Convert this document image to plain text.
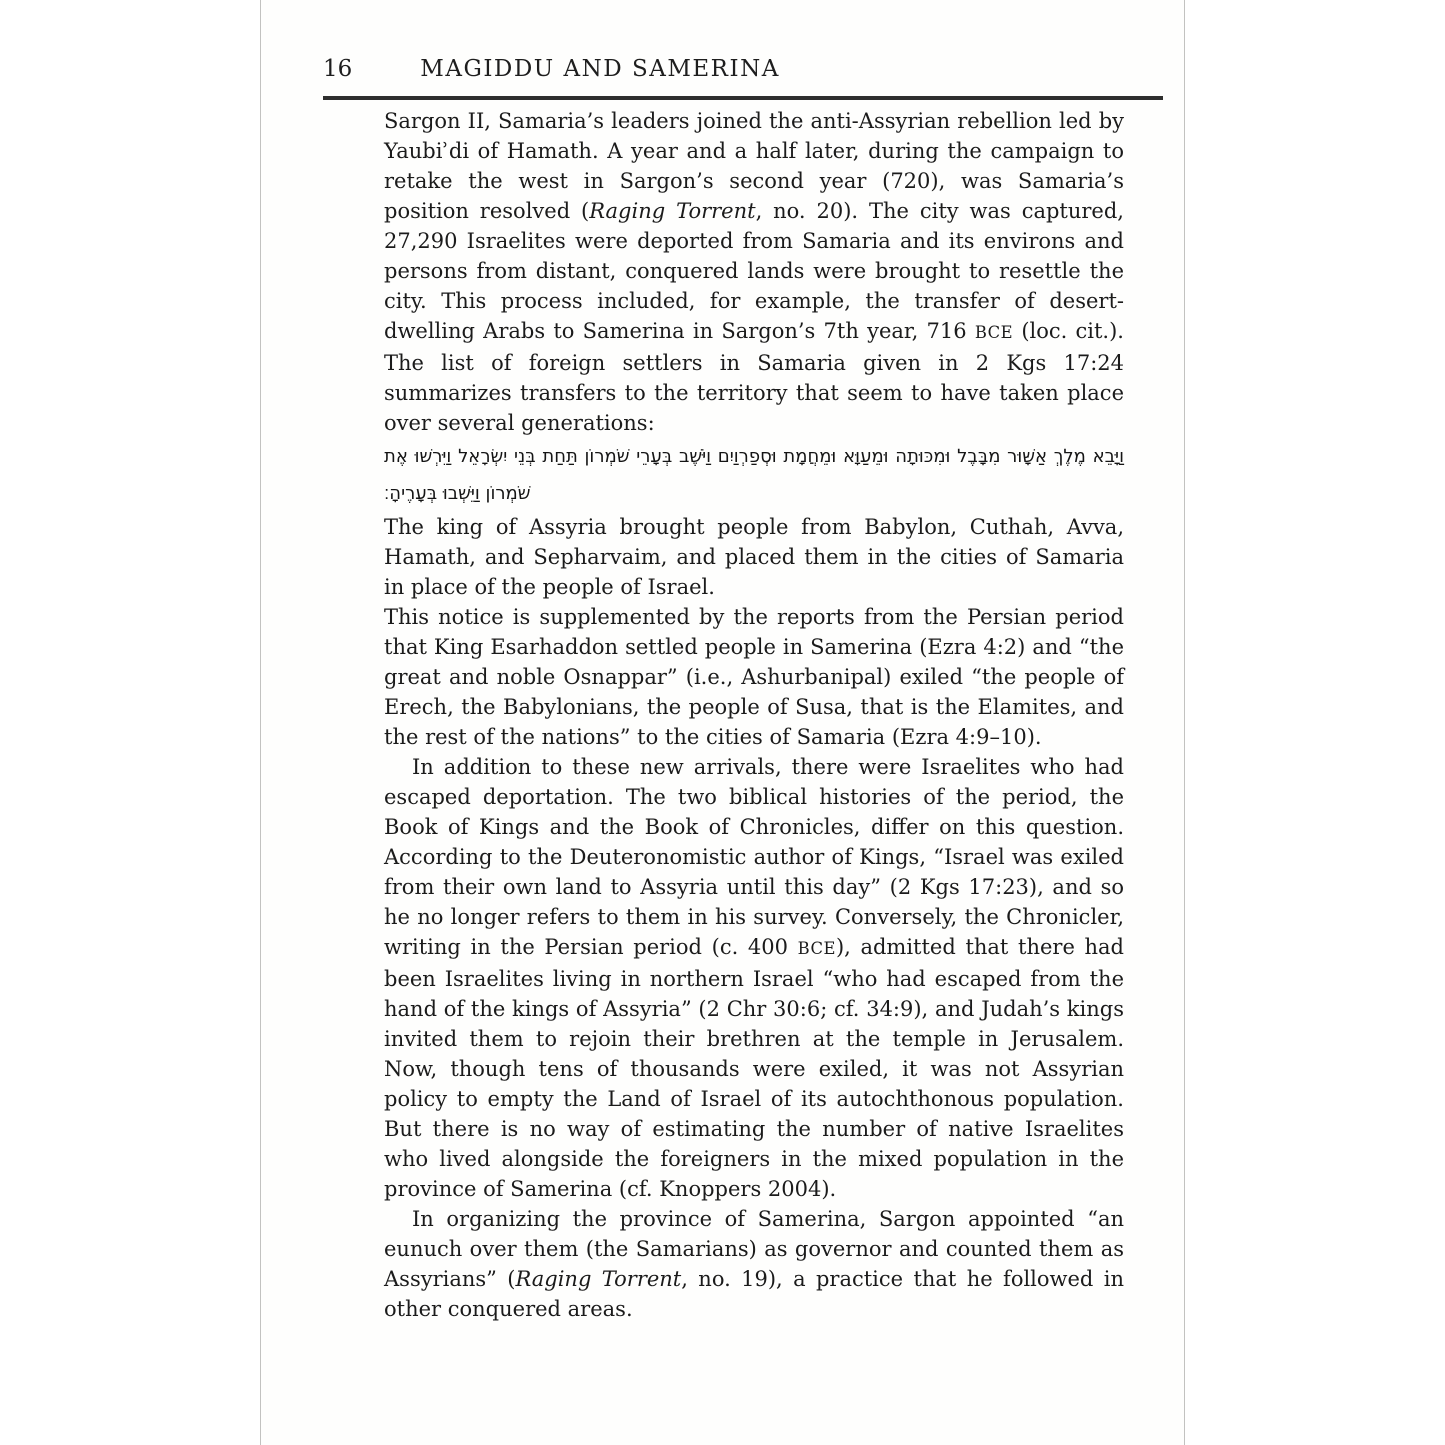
16	MAGIDDU AND SAMERINA

Sargon II, Samaria’s leaders joined the anti-Assyrian rebellion led by Yaubiʾdi of Hamath. A year and a half later, during the campaign to retake the west in Sargon’s second year (720), was Samaria’s position resolved (Raging Torrent, no. 20). The city was captured, 27,290 Israelites were deported from Samaria and its environs and persons from distant, conquered lands were brought to resettle the city. This process included, for example, the transfer of desert-dwelling Arabs to Samerina in Sargon’s 7th year, 716 BCE (loc. cit.). The list of foreign settlers in Samaria given in 2 Kgs 17:24 summarizes transfers to the territory that seem to have taken place over several generations:

וַיָּבֵא מֶלֶךְ אַשָּׁוּר מִבָּבֶל וּמִכּוּתָה וּמֵעַוָּא וּמֵחֲמָת וּסְפַרְוַיִם וַיֹּשֶׁב בְּעָרֵי שֹׁמְרוֹן תַּחַת בְּנֵי יִשְׂרָאֵל וַיִּרְשׁוּ אֶת שֹׁמְרוֹן וַיֵּשְׁבוּ בְּעָרֶיהָ׃

The king of Assyria brought people from Babylon, Cuthah, Avva, Hamath, and Sepharvaim, and placed them in the cities of Samaria in place of the people of Israel.

This notice is supplemented by the reports from the Persian period that King Esarhaddon settled people in Samerina (Ezra 4:2) and “the great and noble Osnappar” (i.e., Ashurbanipal) exiled “the people of Erech, the Babylonians, the people of Susa, that is the Elamites, and the rest of the nations” to the cities of Samaria (Ezra 4:9–10).

In addition to these new arrivals, there were Israelites who had escaped deportation. The two biblical histories of the period, the Book of Kings and the Book of Chronicles, differ on this question. According to the Deuteronomistic author of Kings, “Israel was exiled from their own land to Assyria until this day” (2 Kgs 17:23), and so he no longer refers to them in his survey. Conversely, the Chronicler, writing in the Persian period (c. 400 BCE), admitted that there had been Israelites living in northern Israel “who had escaped from the hand of the kings of Assyria” (2 Chr 30:6; cf. 34:9), and Judah’s kings invited them to rejoin their brethren at the temple in Jerusalem. Now, though tens of thousands were exiled, it was not Assyrian policy to empty the Land of Israel of its autochthonous population. But there is no way of estimating the number of native Israelites who lived alongside the foreigners in the mixed population in the province of Samerina (cf. Knoppers 2004).

In organizing the province of Samerina, Sargon appointed “an eunuch over them (the Samarians) as governor and counted them as Assyrians” (Raging Torrent, no. 19), a practice that he followed in other conquered areas.
